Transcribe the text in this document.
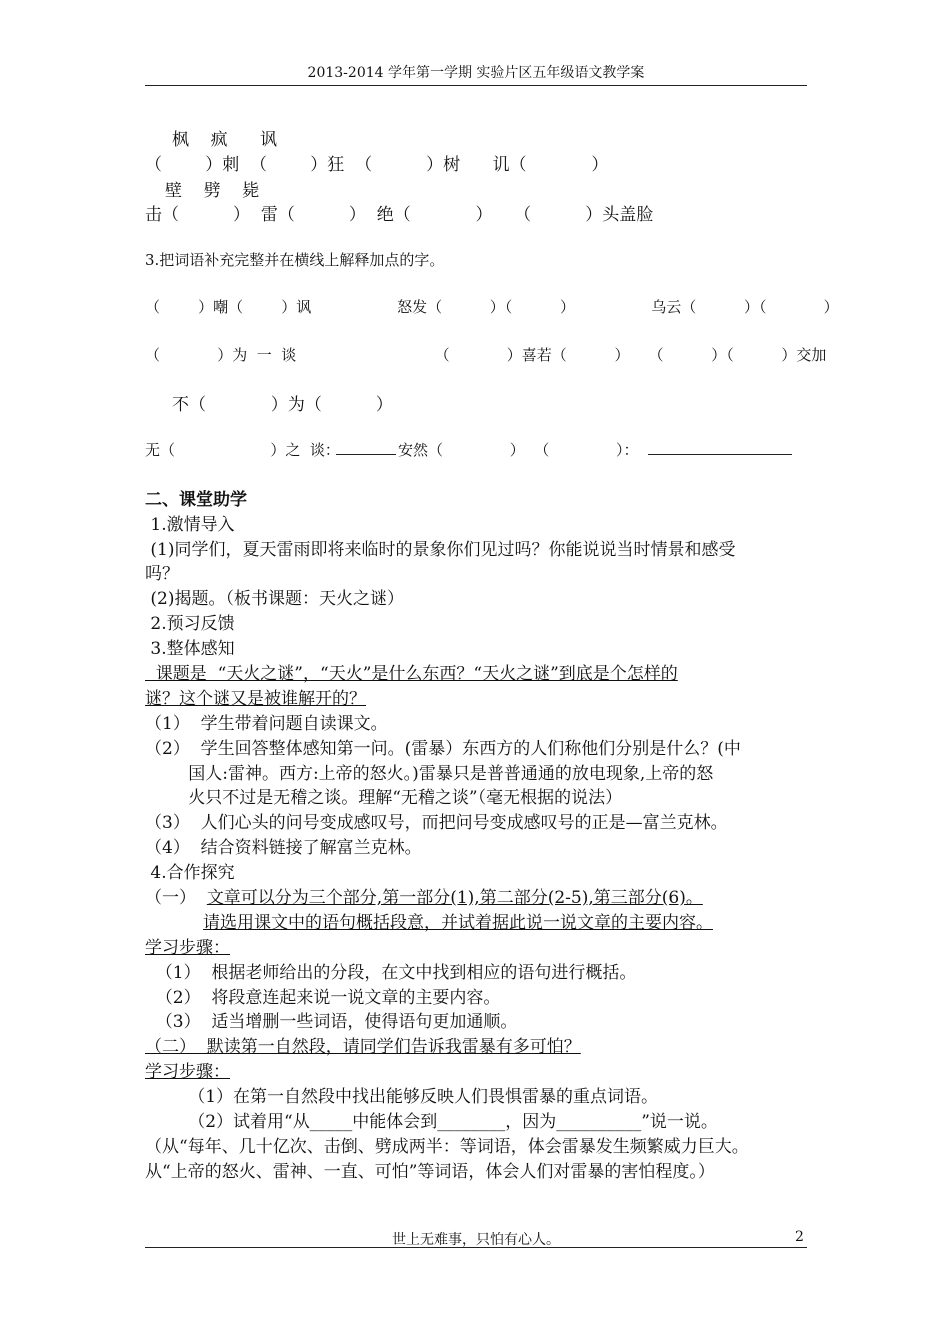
2013-2014 学年第一学期 实验片区五年级语文教学案
枫    疯      讽
（        ）刺  （        ）狂  （          ）树      讥（            ）
壁    劈    毙
击（          ）  雷（          ）  绝（            ）    （          ）头盖脸
3.把词语补充完整并在横线上解释加点的字。
（        ）嘲（        ）讽                  怒发（          ）（          ）                乌云（          ）（            ）
（            ）为  一  谈                             （            ）喜若（          ）    （          ）（          ）交加
不（            ）为（          ）
无（                    ）之  谈：	安然（              ）  （              ）：
二、课堂助学
1.激情导入
(1)同学们，夏天雷雨即将来临时的景象你们见过吗？你能说说当时情景和感受
吗？
(2)揭题。（板书课题：天火之谜）
2.预习反馈
3.整体感知
课题是  “天火之谜”，“天火”是什么东西？“天火之谜”到底是个怎样的
谜？这个谜又是被谁解开的？
（1）  学生带着问题自读课文。
（2）  学生回答整体感知第一问。(雷暴）东西方的人们称他们分别是什么？(中
国人:雷神。西方:上帝的怒火。)雷暴只是普普通通的放电现象,上帝的怒
火只不过是无稽之谈。理解“无稽之谈”（毫无根据的说法）
（3）  人们心头的问号变成感叹号，而把问号变成感叹号的正是—富兰克林。
（4）  结合资料链接了解富兰克林。
4.合作探究
（一）  文章可以分为三个部分,第一部分(1),第二部分(2-5),第三部分(6)。
请选用课文中的语句概括段意，并试着据此说一说文章的主要内容。
学习步骤：
（1）  根据老师给出的分段，在文中找到相应的语句进行概括。
（2）  将段意连起来说一说文章的主要内容。
（3）  适当增删一些词语，使得语句更加通顺。
（二）  默读第一自然段，请同学们告诉我雷暴有多可怕？
学习步骤：
（1）在第一自然段中找出能够反映人们畏惧雷暴的重点词语。
（2）试着用“从_____中能体会到________，因为__________”说一说。
（从“每年、几十亿次、击倒、劈成两半：等词语，体会雷暴发生频繁威力巨大。
从“上帝的怒火、雷神、一直、可怕”等词语，体会人们对雷暴的害怕程度。）
世上无难事，只怕有心人。	2
